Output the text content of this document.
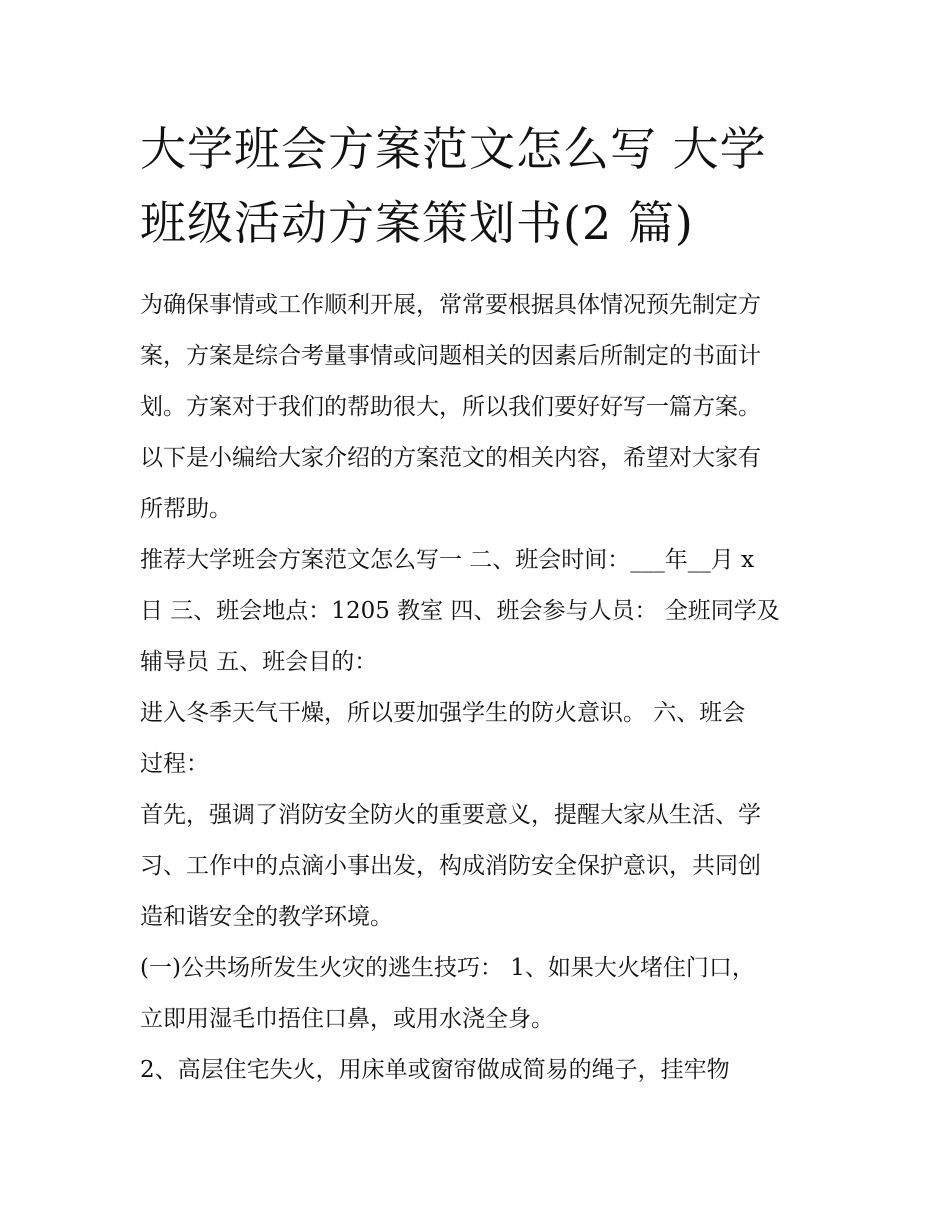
大学班会方案范文怎么写 大学
班级活动方案策划书(2 篇)
为确保事情或工作顺利开展，常常要根据具体情况预先制定方
案，方案是综合考量事情或问题相关的因素后所制定的书面计
划。方案对于我们的帮助很大，所以我们要好好写一篇方案。
以下是小编给大家介绍的方案范文的相关内容，希望对大家有
所帮助。
推荐大学班会方案范文怎么写一 二、班会时间：___年__月 x
日 三、班会地点：1205 教室 四、班会参与人员： 全班同学及
辅导员 五、班会目的：
进入冬季天气干燥，所以要加强学生的防火意识。 六、班会
过程：
首先，强调了消防安全防火的重要意义，提醒大家从生活、学
习、工作中的点滴小事出发，构成消防安全保护意识，共同创
造和谐安全的教学环境。
(一)公共场所发生火灾的逃生技巧： 1、如果大火堵住门口，
立即用湿毛巾捂住口鼻，或用水浇全身。
2、高层住宅失火，用床单或窗帘做成简易的绳子，挂牢物
